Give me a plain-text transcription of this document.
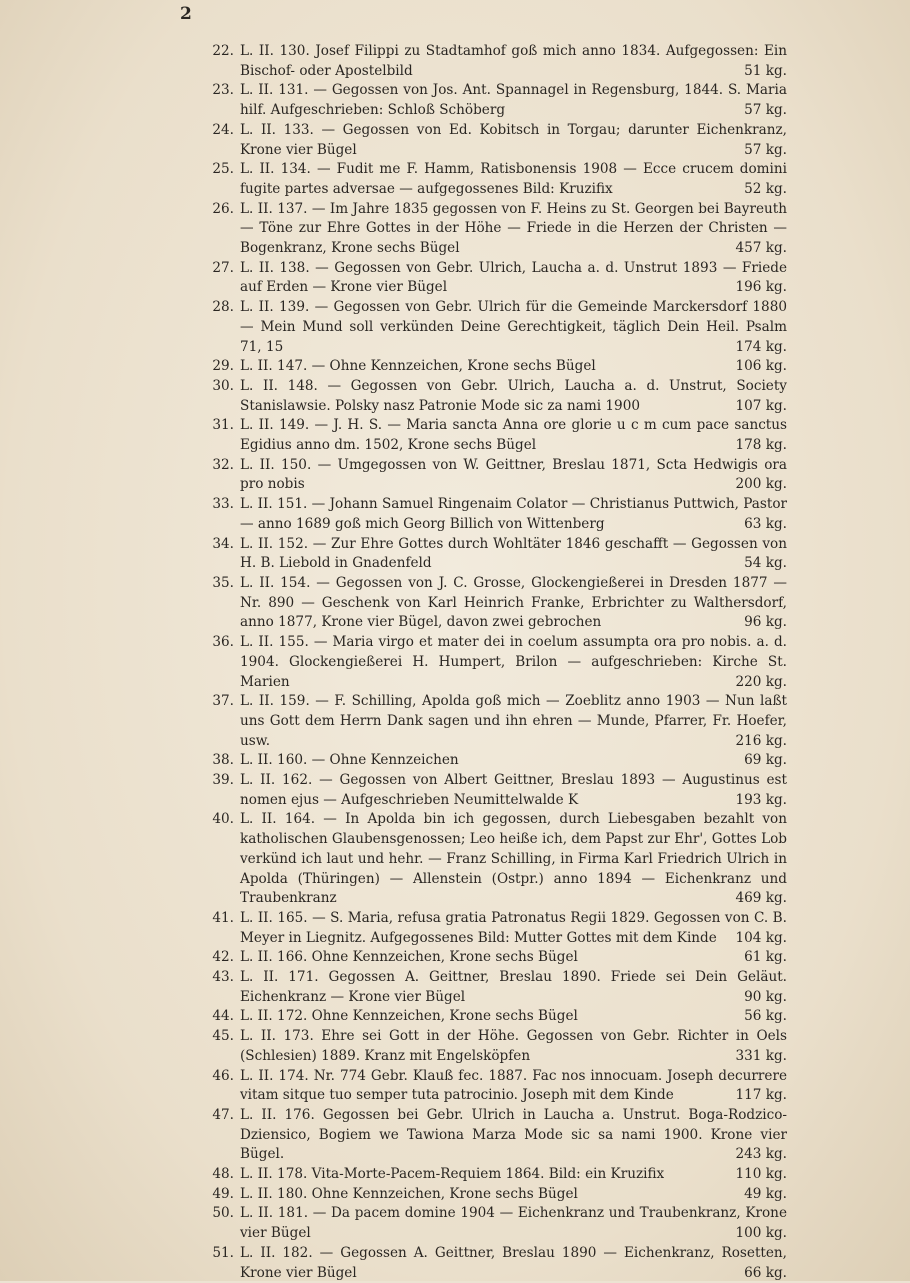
2
22. L. II. 130. Josef Filippi zu Stadtamhof goß mich anno 1834. Aufgegossen: Ein Bischof- oder Apostelbild	51 kg.
23. L. II. 131. — Gegossen von Jos. Ant. Spannagel in Regensburg, 1844. S. Maria hilf. Aufgeschrieben: Schloß Schöberg	57 kg.
24. L. II. 133. — Gegossen von Ed. Kobitsch in Torgau; darunter Eichenkranz, Krone vier Bügel	57 kg.
25. L. II. 134. — Fudit me F. Hamm, Ratisbonensis 1908 — Ecce crucem domini fugite partes adversae — aufgegossenes Bild: Kruzifix	52 kg.
26. L. II. 137. — Im Jahre 1835 gegossen von F. Heins zu St. Georgen bei Bayreuth — Töne zur Ehre Gottes in der Höhe — Friede in die Herzen der Christen — Bogenkranz, Krone sechs Bügel	457 kg.
27. L. II. 138. — Gegossen von Gebr. Ulrich, Laucha a. d. Unstrut 1893 — Friede auf Erden — Krone vier Bügel	196 kg.
28. L. II. 139. — Gegossen von Gebr. Ulrich für die Gemeinde Marckersdorf 1880 — Mein Mund soll verkünden Deine Gerechtigkeit, täglich Dein Heil. Psalm 71, 15	174 kg.
29. L. II. 147. — Ohne Kennzeichen, Krone sechs Bügel	106 kg.
30. L. II. 148. — Gegossen von Gebr. Ulrich, Laucha a. d. Unstrut, Society Stanislawsie. Polsky nasz Patronie Mode sic za nami 1900	107 kg.
31. L. II. 149. — J. H. S. — Maria sancta Anna ore glorie u c m cum pace sanctus Egidius anno dm. 1502, Krone sechs Bügel	178 kg.
32. L. II. 150. — Umgegossen von W. Geittner, Breslau 1871, Scta Hedwigis ora pro nobis	200 kg.
33. L. II. 151. — Johann Samuel Ringenaim Colator — Christianus Puttwich, Pastor — anno 1689 goß mich Georg Billich von Wittenberg	63 kg.
34. L. II. 152. — Zur Ehre Gottes durch Wohltäter 1846 geschafft — Gegossen von H. B. Liebold in Gnadenfeld	54 kg.
35. L. II. 154. — Gegossen von J. C. Grosse, Glockengießerei in Dresden 1877 — Nr. 890 — Geschenk von Karl Heinrich Franke, Erbrichter zu Walthersdorf, anno 1877, Krone vier Bügel, davon zwei gebrochen	96 kg.
36. L. II. 155. — Maria virgo et mater dei in coelum assumpta ora pro nobis. a. d. 1904. Glockengießerei H. Humpert, Brilon — aufgeschrieben: Kirche St. Marien	220 kg.
37. L. II. 159. — F. Schilling, Apolda goß mich — Zoeblitz anno 1903 — Nun laßt uns Gott dem Herrn Dank sagen und ihn ehren — Munde, Pfarrer, Fr. Hoefer, usw.	216 kg.
38. L. II. 160. — Ohne Kennzeichen	69 kg.
39. L. II. 162. — Gegossen von Albert Geittner, Breslau 1893 — Augustinus est nomen ejus — Aufgeschrieben Neumittelwalde K	193 kg.
40. L. II. 164. — In Apolda bin ich gegossen, durch Liebesgaben bezahlt von katholischen Glaubensgenossen; Leo heiße ich, dem Papst zur Ehr', Gottes Lob verkünd ich laut und hehr. — Franz Schilling, in Firma Karl Friedrich Ulrich in Apolda (Thüringen) — Allenstein (Ostpr.) anno 1894 — Eichenkranz und Traubenkranz	469 kg.
41. L. II. 165. — S. Maria, refusa gratia Patronatus Regii 1829. Gegossen von C. B. Meyer in Liegnitz. Aufgegossenes Bild: Mutter Gottes mit dem Kinde 104 kg.
42. L. II. 166. Ohne Kennzeichen, Krone sechs Bügel	61 kg.
43. L. II. 171. Gegossen A. Geittner, Breslau 1890. Friede sei Dein Geläut. Eichenkranz — Krone vier Bügel	90 kg.
44. L. II. 172. Ohne Kennzeichen, Krone sechs Bügel	56 kg.
45. L. II. 173. Ehre sei Gott in der Höhe. Gegossen von Gebr. Richter in Oels (Schlesien) 1889. Kranz mit Engelsköpfen	331 kg.
46. L. II. 174. Nr. 774 Gebr. Klauß fec. 1887. Fac nos innocuam. Joseph decurrere vitam sitque tuo semper tuta patrocinio. Joseph mit dem Kinde	117 kg.
47. L. II. 176. Gegossen bei Gebr. Ulrich in Laucha a. Unstrut. Boga-Rodzico-Dziensico, Bogiem we Tawiona Marza Mode sic sa nami 1900. Krone vier Bügel.	243 kg.
48. L. II. 178. Vita-Morte-Pacem-Requiem 1864. Bild: ein Kruzifix	110 kg.
49. L. II. 180. Ohne Kennzeichen, Krone sechs Bügel	49 kg.
50. L. II. 181. — Da pacem domine 1904 — Eichenkranz und Traubenkranz, Krone vier Bügel	100 kg.
51. L. II. 182. — Gegossen A. Geittner, Breslau 1890 — Eichenkranz, Rosetten, Krone vier Bügel	66 kg.
